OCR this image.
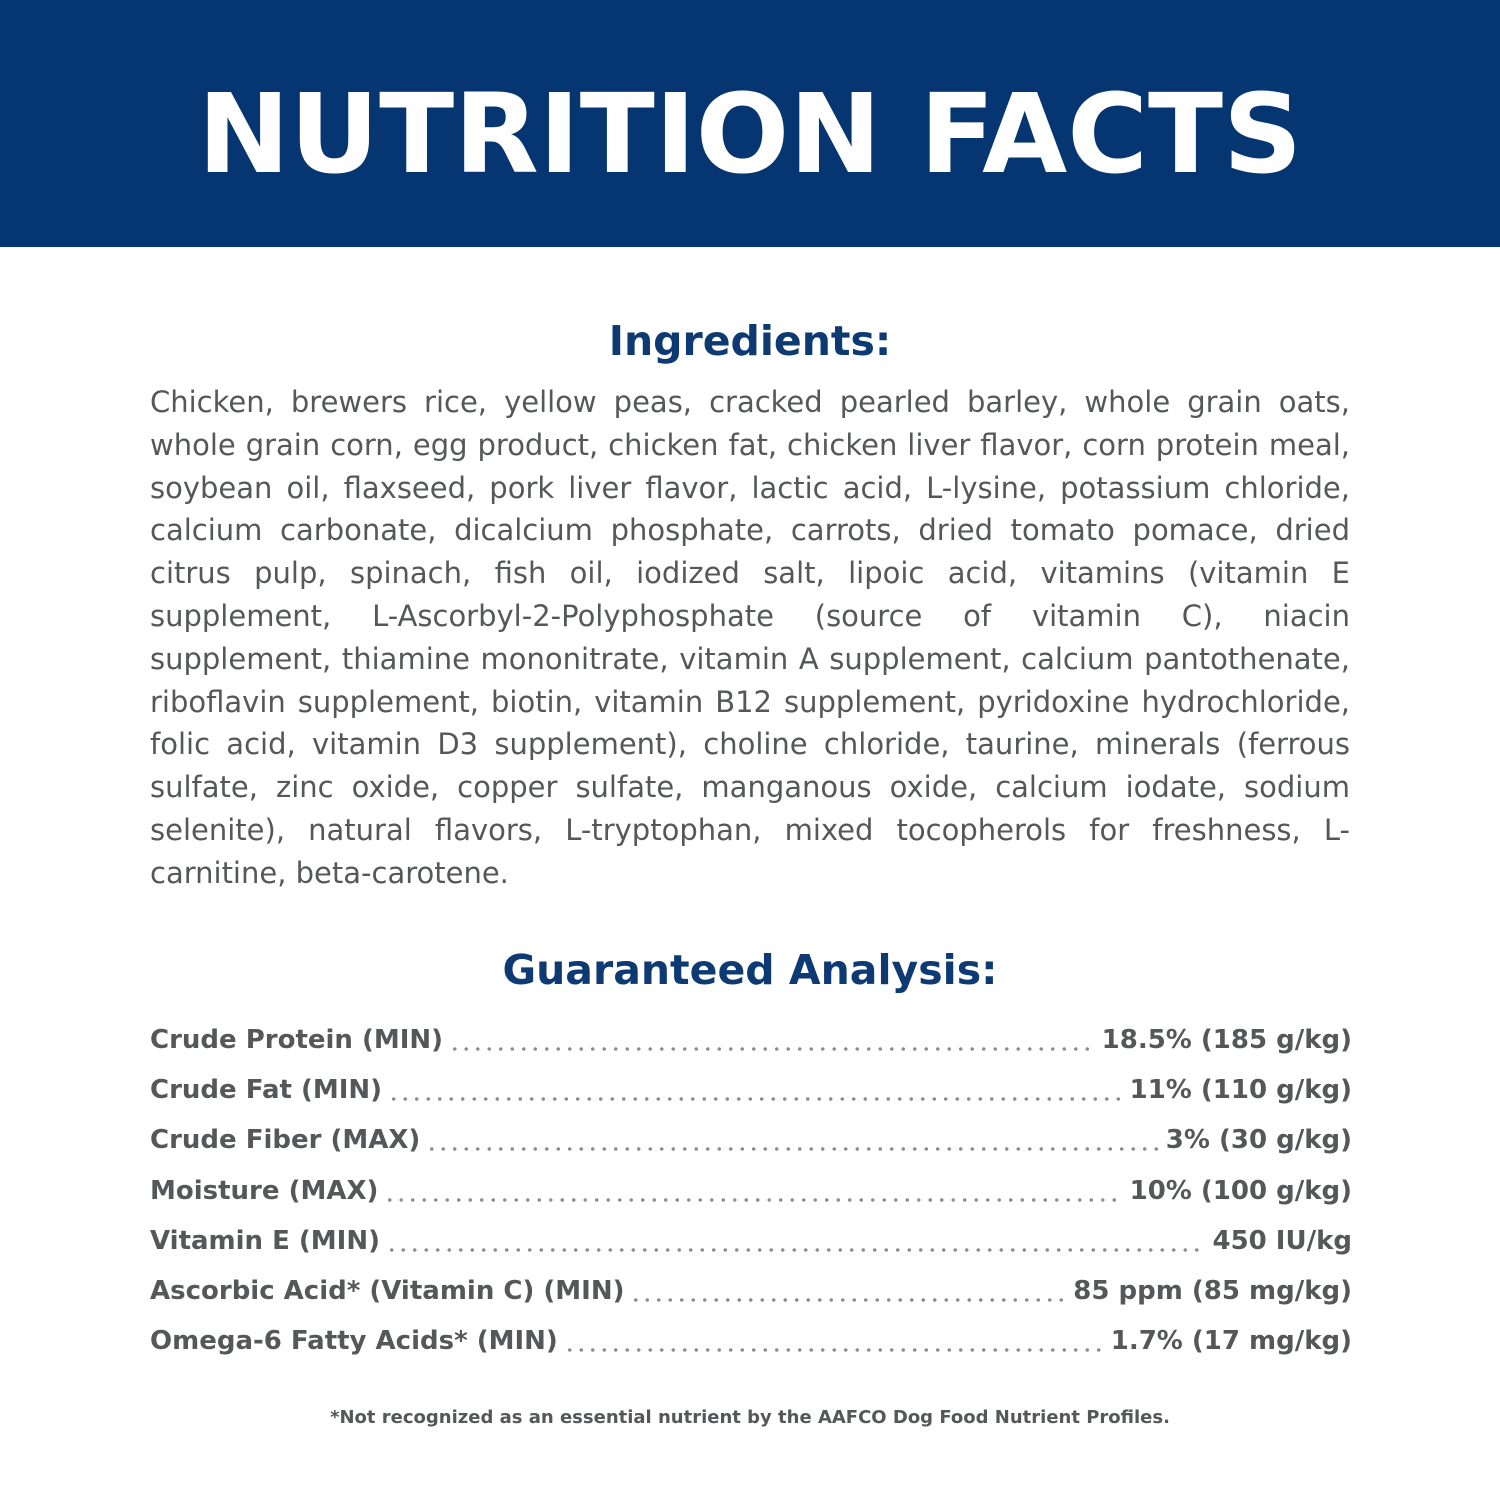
NUTRITION FACTS
Ingredients:

Chicken, brewers rice, yellow peas, cracked pearled barley, whole grain oats, whole grain corn, egg product, chicken fat, chicken liver flavor, corn protein meal, soybean oil, flaxseed, pork liver flavor, lactic acid, L-lysine, potassium chloride, calcium carbonate, dicalcium phosphate, carrots, dried tomato pomace, dried citrus pulp, spinach, fish oil, iodized salt, lipoic acid, vitamins (vitamin E supplement, L-Ascorbyl-2-Polyphosphate (source of vitamin C), niacin supplement, thiamine mononitrate, vitamin A supplement, calcium pantothenate, riboflavin supplement, biotin, vitamin B12 supplement, pyridoxine hydrochloride, folic acid, vitamin D3 supplement), choline chloride, taurine, minerals (ferrous sulfate, zinc oxide, copper sulfate, manganous oxide, calcium iodate, sodium selenite), natural flavors, L-tryptophan, mixed tocopherols for freshness, L-carnitine, beta-carotene.

Guaranteed Analysis:
Crude Protein (MIN)	18.5% (185 g/kg)
Crude Fat (MIN)	11% (110 g/kg)
Crude Fiber (MAX)	3% (30 g/kg)
Moisture (MAX)	10% (100 g/kg)
Vitamin E (MIN)	450 IU/kg
Ascorbic Acid* (Vitamin C) (MIN)	85 ppm (85 mg/kg)
Omega-6 Fatty Acids* (MIN)	1.7% (17 mg/kg)
*Not recognized as an essential nutrient by the AAFCO Dog Food Nutrient Profiles.
